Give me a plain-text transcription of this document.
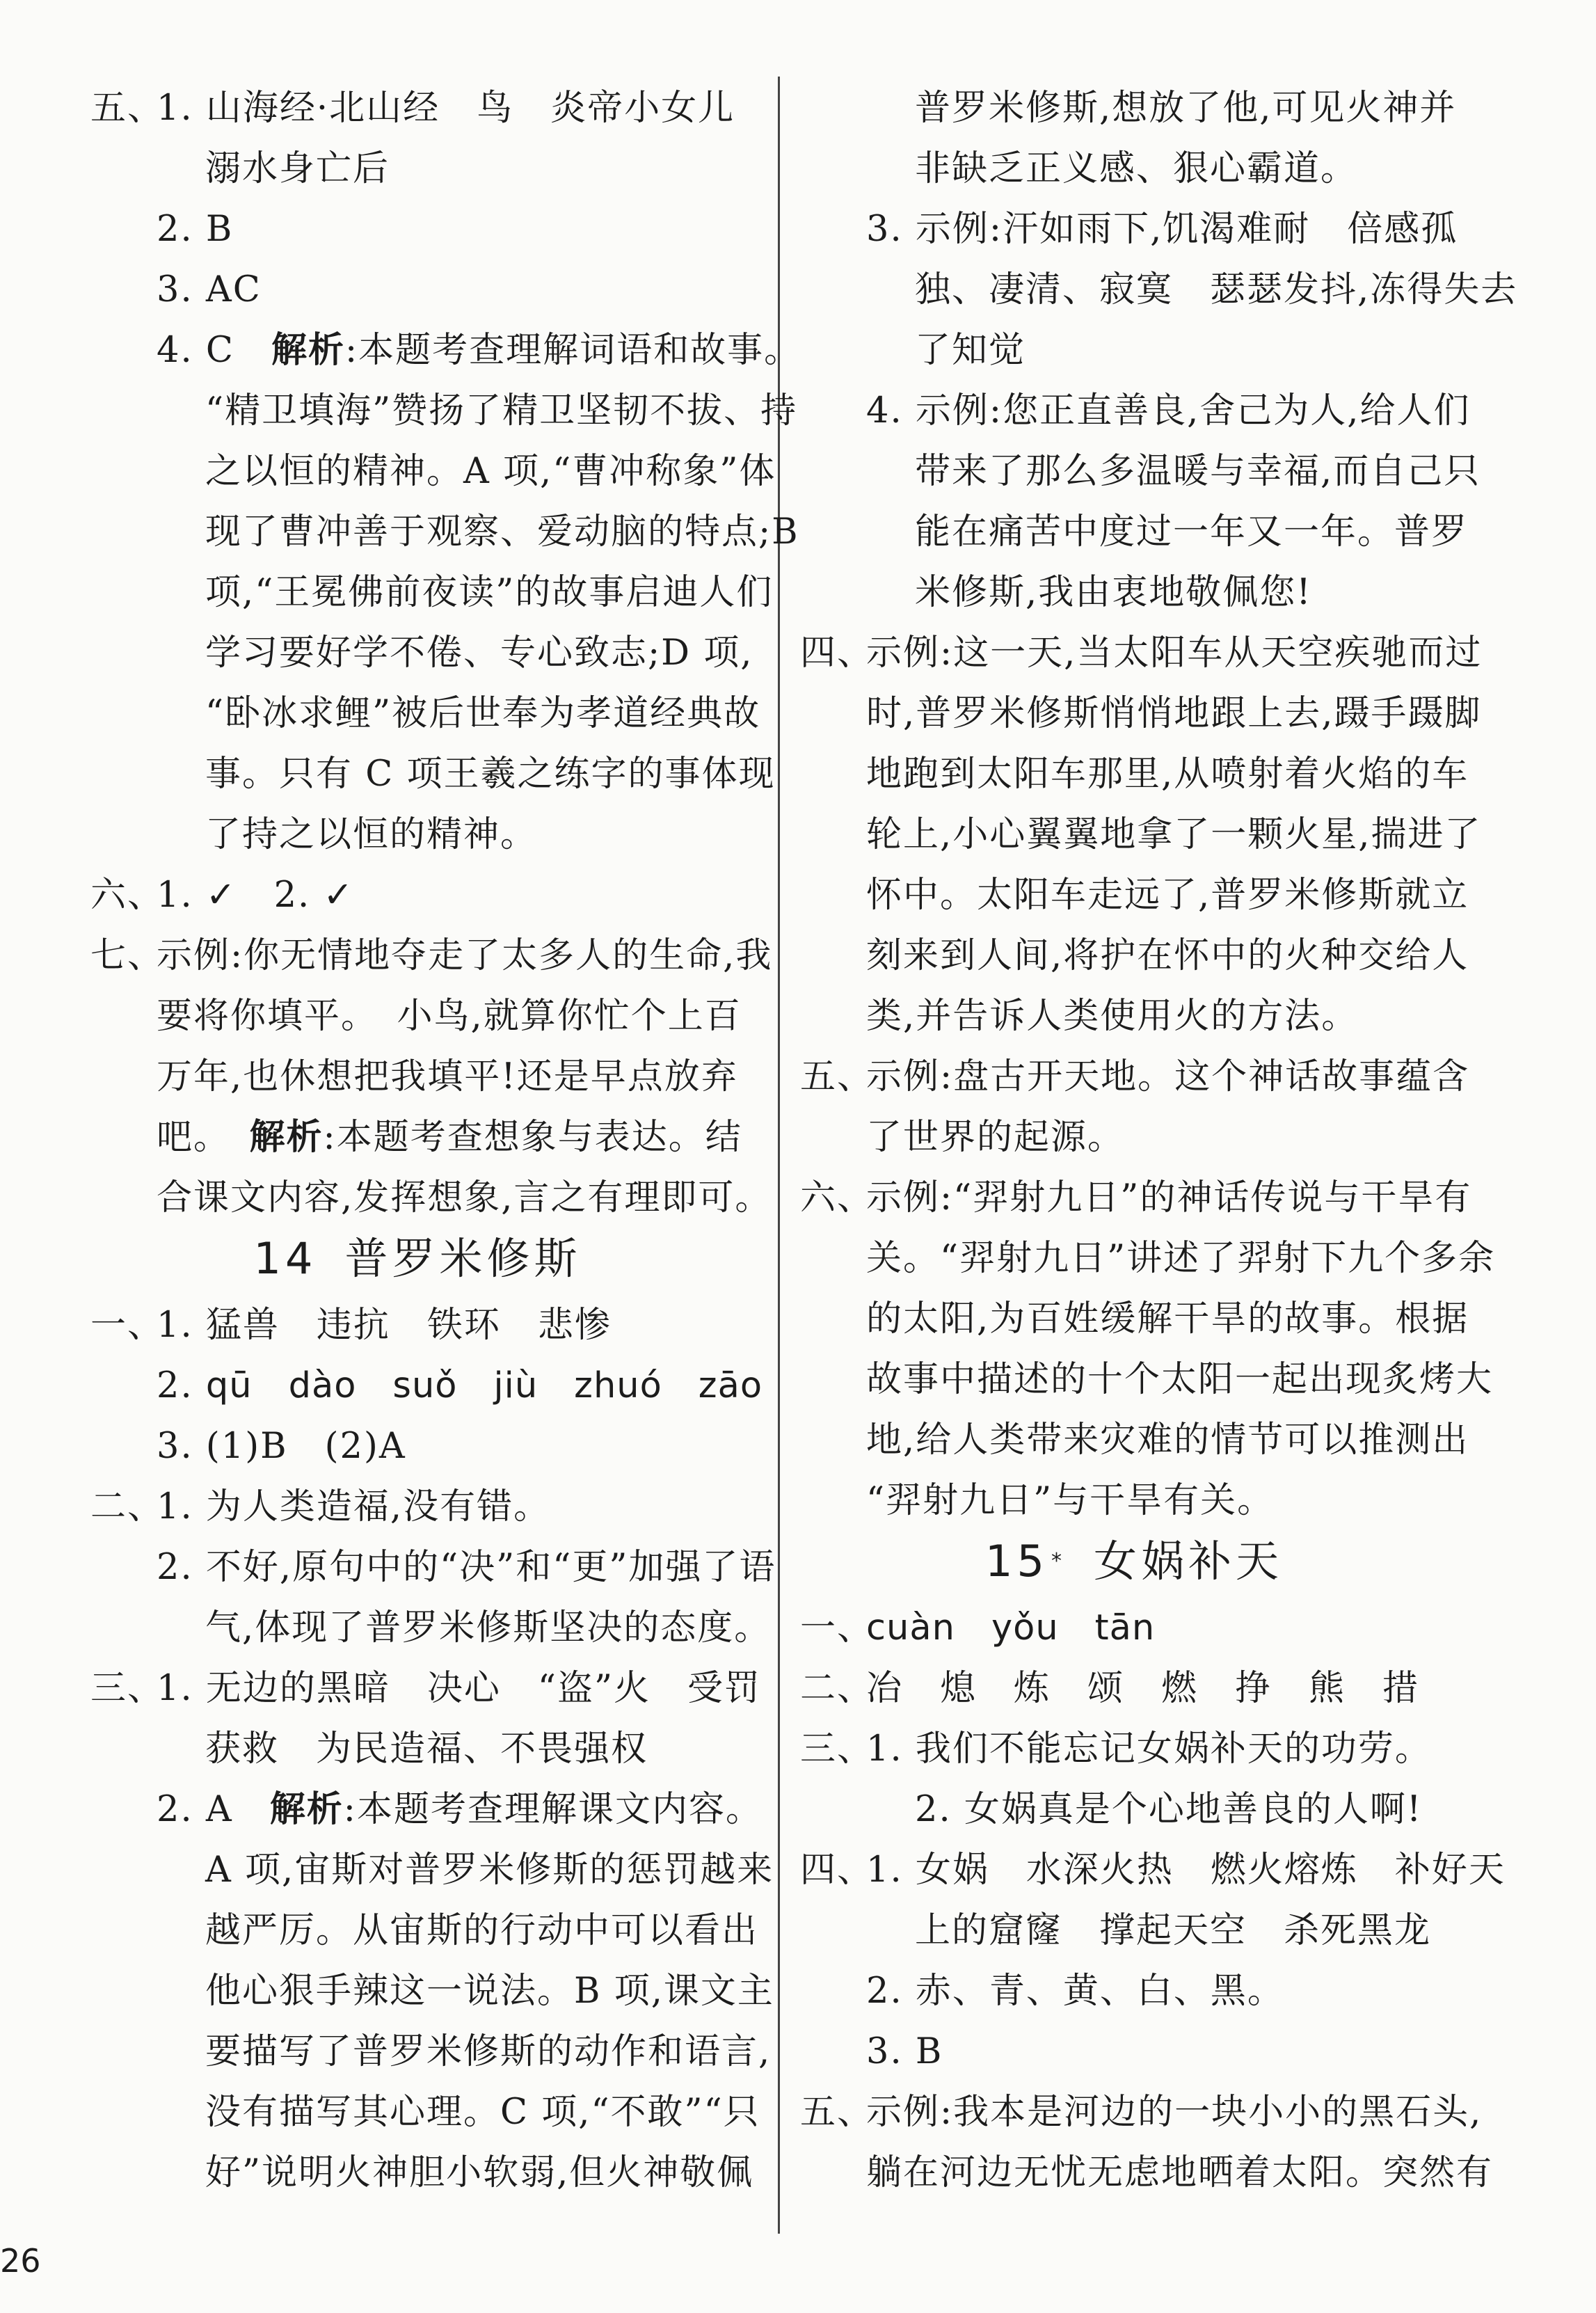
五、
1. 山海经·北山经　鸟　炎帝小女儿
溺水身亡后
2. B
3. AC
4. C　 解析:本题考查理解词语和故事。
“精卫填海”赞扬了精卫坚韧不拔、持
之以恒的精神。A 项,“曹冲称象”体
现了曹冲善于观察、爱动脑的特点;B
项,“王冕佛前夜读”的故事启迪人们
学习要好学不倦、专心致志;D 项,
“卧冰求鲤”被后世奉为孝道经典故
事。只有 C 项王羲之练字的事体现
了持之以恒的精神。
六、
1. ✓　2. ✓
七、
示例:你无情地夺走了太多人的生命,我
要将你填平。　小鸟,就算你忙个上百
万年,也休想把我填平!还是早点放弃
吧。　解析:本题考查想象与表达。结
合课文内容,发挥想象,言之有理即可。
14 普罗米修斯
一、
1. 猛兽　违抗　铁环　悲惨
2. qū　dào　suǒ　jiù　zhuó　zāo
3. (1)B　(2)A
二、
1. 为人类造福,没有错。
2. 不好,原句中的“决”和“更”加强了语
气,体现了普罗米修斯坚决的态度。
三、
1. 无边的黑暗　决心　“盗”火　受罚
获救　为民造福、不畏强权
2. A　 解析:本题考查理解课文内容。
A 项,宙斯对普罗米修斯的惩罚越来
越严厉。从宙斯的行动中可以看出
他心狠手辣这一说法。B 项,课文主
要描写了普罗米修斯的动作和语言,
没有描写其心理。C 项,“不敢”“只
好”说明火神胆小软弱,但火神敬佩
普罗米修斯,想放了他,可见火神并
非缺乏正义感、狠心霸道。
3. 示例:汗如雨下,饥渴难耐　倍感孤
独、凄清、寂寞　瑟瑟发抖,冻得失去
了知觉
4. 示例:您正直善良,舍己为人,给人们
带来了那么多温暖与幸福,而自己只
能在痛苦中度过一年又一年。普罗
米修斯,我由衷地敬佩您!
四、
示例:这一天,当太阳车从天空疾驰而过
时,普罗米修斯悄悄地跟上去,蹑手蹑脚
地跑到太阳车那里,从喷射着火焰的车
轮上,小心翼翼地拿了一颗火星,揣进了
怀中。太阳车走远了,普罗米修斯就立
刻来到人间,将护在怀中的火种交给人
类,并告诉人类使用火的方法。
五、
示例:盘古开天地。这个神话故事蕴含
了世界的起源。
六、
示例:“羿射九日”的神话传说与干旱有
关。“羿射九日”讲述了羿射下九个多余
的太阳,为百姓缓解干旱的故事。根据
故事中描述的十个太阳一起出现炙烤大
地,给人类带来灾难的情节可以推测出
“羿射九日”与干旱有关。
15 * 女娲补天
一、
cuàn　yǒu　tān
二、
冶　熄　炼　颂　燃　挣　熊　措
三、
1. 我们不能忘记女娲补天的功劳。
2. 女娲真是个心地善良的人啊!
四、
1. 女娲　水深火热　燃火熔炼　补好天
上的窟窿　撑起天空　杀死黑龙
2. 赤、青、黄、白、黑。
3. B
五、
示例:我本是河边的一块小小的黑石头,
躺在河边无忧无虑地晒着太阳。突然有
26
